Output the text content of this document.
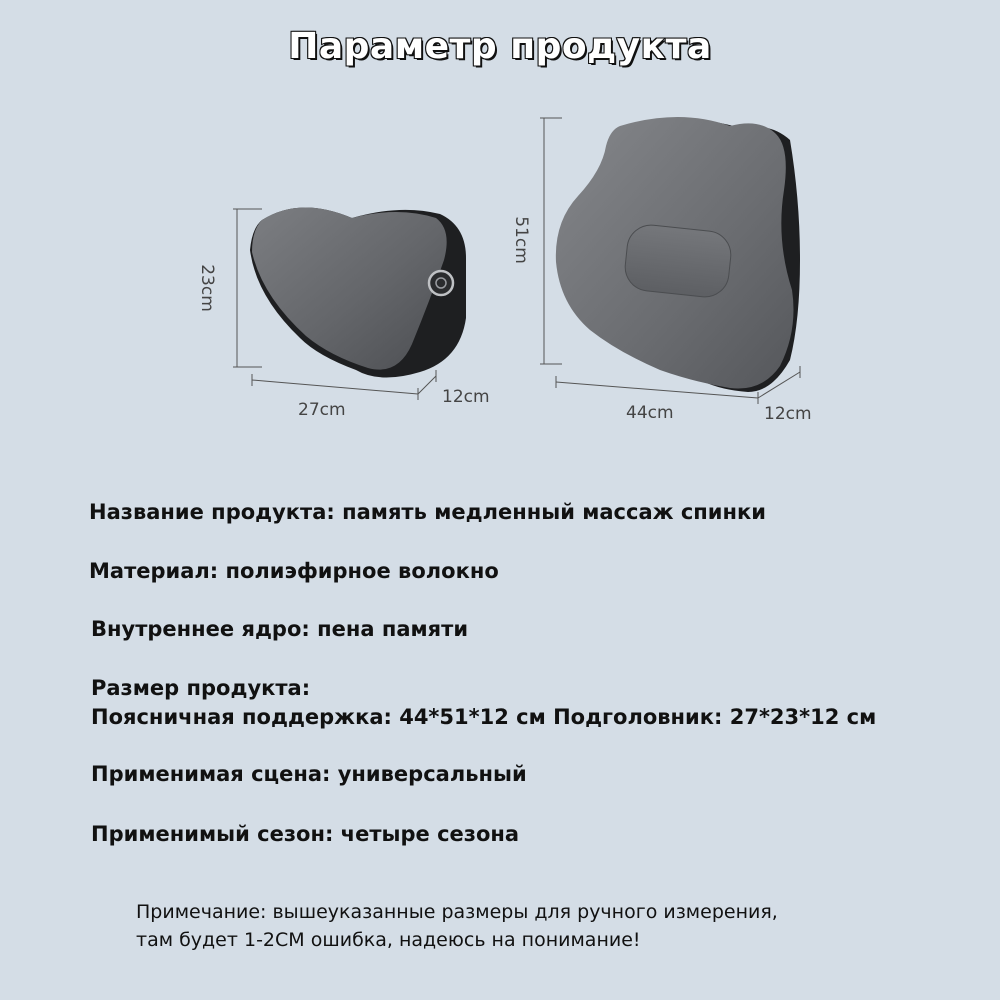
Параметр продукта
23cm
27cm
12cm
51cm
44cm	12cm
Название продукта: память медленный массаж спинки
Материал: полиэфирное волокно
Внутреннее ядро: пена памяти
Размер продукта:
Поясничная поддержка: 44*51*12 см Подголовник: 27*23*12 см
Применимая сцена: универсальный
Применимый сезон: четыре сезона
Примечание: вышеуказанные размеры для ручного измерения,
там будет 1-2CM ошибка, надеюсь на понимание!
